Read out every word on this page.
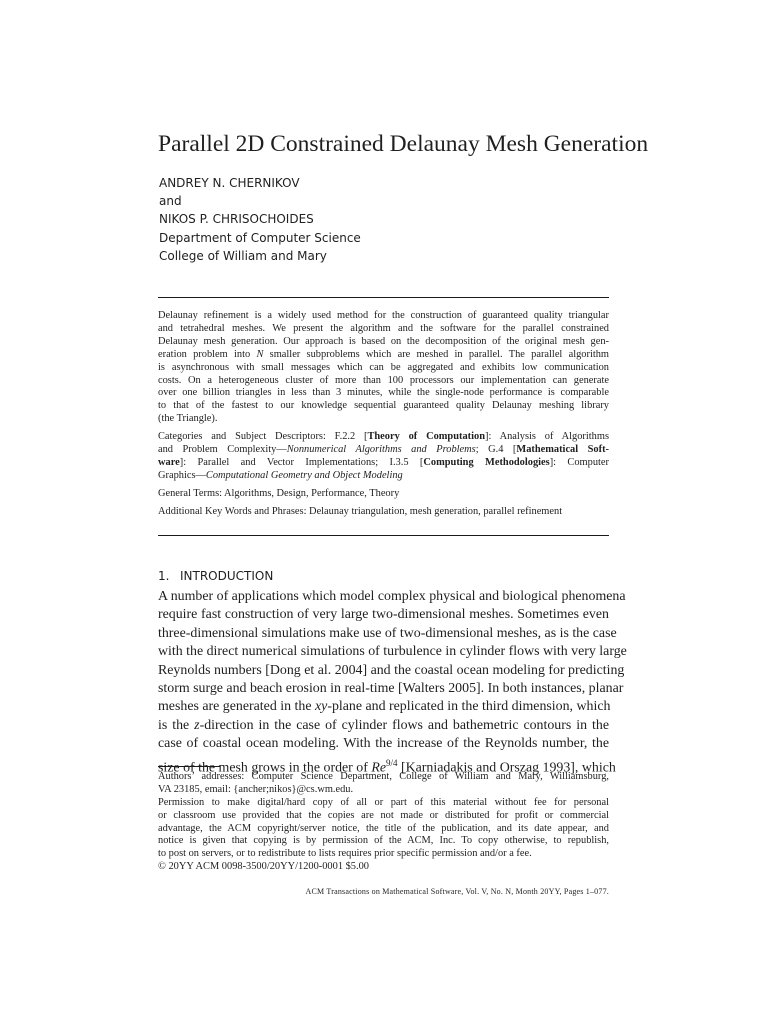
Parallel 2D Constrained Delaunay Mesh Generation
ANDREY N. CHERNIKOV
and
NIKOS P. CHRISOCHOIDES
Department of Computer Science
College of William and Mary

Delaunay refinement is a widely used method for the construction of guaranteed quality triangular

and tetrahedral meshes. We present the algorithm and the software for the parallel constrained

Delaunay mesh generation. Our approach is based on the decomposition of the original mesh gen-

eration problem into N smaller subproblems which are meshed in parallel. The parallel algorithm

is asynchronous with small messages which can be aggregated and exhibits low communication

costs. On a heterogeneous cluster of more than 100 processors our implementation can generate

over one billion triangles in less than 3 minutes, while the single-node performance is comparable

to that of the fastest to our knowledge sequential guaranteed quality Delaunay meshing library

(the Triangle).

Categories and Subject Descriptors: F.2.2 [Theory of Computation]: Analysis of Algorithms

and Problem Complexity—Nonnumerical Algorithms and Problems; G.4 [Mathematical Soft-

ware]: Parallel and Vector Implementations; I.3.5 [Computing Methodologies]: Computer

Graphics—Computational Geometry and Object Modeling

General Terms: Algorithms, Design, Performance, Theory

Additional Key Words and Phrases: Delaunay triangulation, mesh generation, parallel refinement

1. INTRODUCTION
A number of applications which model complex physical and biological phenomena
require fast construction of very large two-dimensional meshes. Sometimes even
three-dimensional simulations make use of two-dimensional meshes, as is the case
with the direct numerical simulations of turbulence in cylinder flows with very large
Reynolds numbers [Dong et al. 2004] and the coastal ocean modeling for predicting
storm surge and beach erosion in real-time [Walters 2005]. In both instances, planar
meshes are generated in the xy-plane and replicated in the third dimension, which
is the z-direction in the case of cylinder flows and bathemetric contours in the
case of coastal ocean modeling. With the increase of the Reynolds number, the
size of the mesh grows in the order of $Re^{9/4}$ [Karniadakis and Orszag 1993], which
Authors’ addresses: Computer Science Department, College of William and Mary, Williamsburg,
VA 23185, email: {ancher;nikos}@cs.wm.edu.
Permission to make digital/hard copy of all or part of this material without fee for personal
or classroom use provided that the copies are not made or distributed for profit or commercial
advantage, the ACM copyright/server notice, the title of the publication, and its date appear, and
notice is given that copying is by permission of the ACM, Inc. To copy otherwise, to republish,
to post on servers, or to redistribute to lists requires prior specific permission and/or a fee.
© 20YY ACM 0098-3500/20YY/1200-0001 $5.00
ACM Transactions on Mathematical Software, Vol. V, No. N, Month 20YY, Pages 1–077.
